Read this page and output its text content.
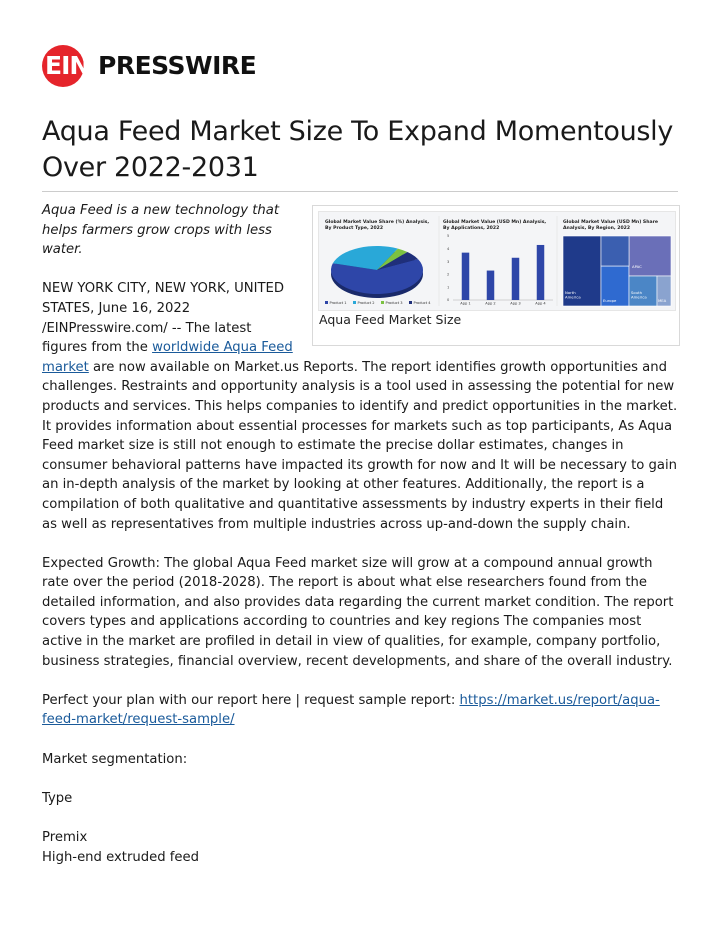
EIN PRESSWIRE
Aqua Feed Market Size To Expand Momentously Over 2022-2031
Global Market Value Share (%) Analysis, By Product Type, 2022
Product 1	Product 2	Product 3	Product 4
Global Market Value (USD Mn) Analysis, By Applications, 2022
0
1
2
3
4
5
App 1	App 2	App 3	App 4
Global Market Value (USD Mn) Share Analysis, By Region, 2022
North America
Europe
APAC
South America
MEA
Aqua Feed Market Size

Aqua Feed is a new technology that helps farmers grow crops with less water.

NEW YORK CITY, NEW YORK, UNITED STATES, June 16, 2022 /EINPresswire.com/ -- The latest figures from the worldwide Aqua Feed market are now available on Market.us Reports. The report identifies growth opportunities and challenges. Restraints and opportunity analysis is a tool used in assessing the potential for new products and services. This helps companies to identify and predict opportunities in the market. It provides information about essential processes for markets such as top participants, As Aqua Feed market size is still not enough to estimate the precise dollar estimates, changes in consumer behavioral patterns have impacted its growth for now and It will be necessary to gain an in-depth analysis of the market by looking at other features. Additionally, the report is a compilation of both qualitative and quantitative assessments by industry experts in their field as well as representatives from multiple industries across up-and-down the supply chain.

Expected Growth: The global Aqua Feed market size will grow at a compound annual growth rate over the period (2018-2028). The report is about what else researchers found from the detailed information, and also provides data regarding the current market condition. The report covers types and applications according to countries and key regions The companies most active in the market are profiled in detail in view of qualities, for example, company portfolio, business strategies, financial overview, recent developments, and share of the overall industry.

Perfect your plan with our report here | request sample report: https://market.us/report/aqua-feed-market/request-sample/

Market segmentation:

Type

Premix

High-end extruded feed
